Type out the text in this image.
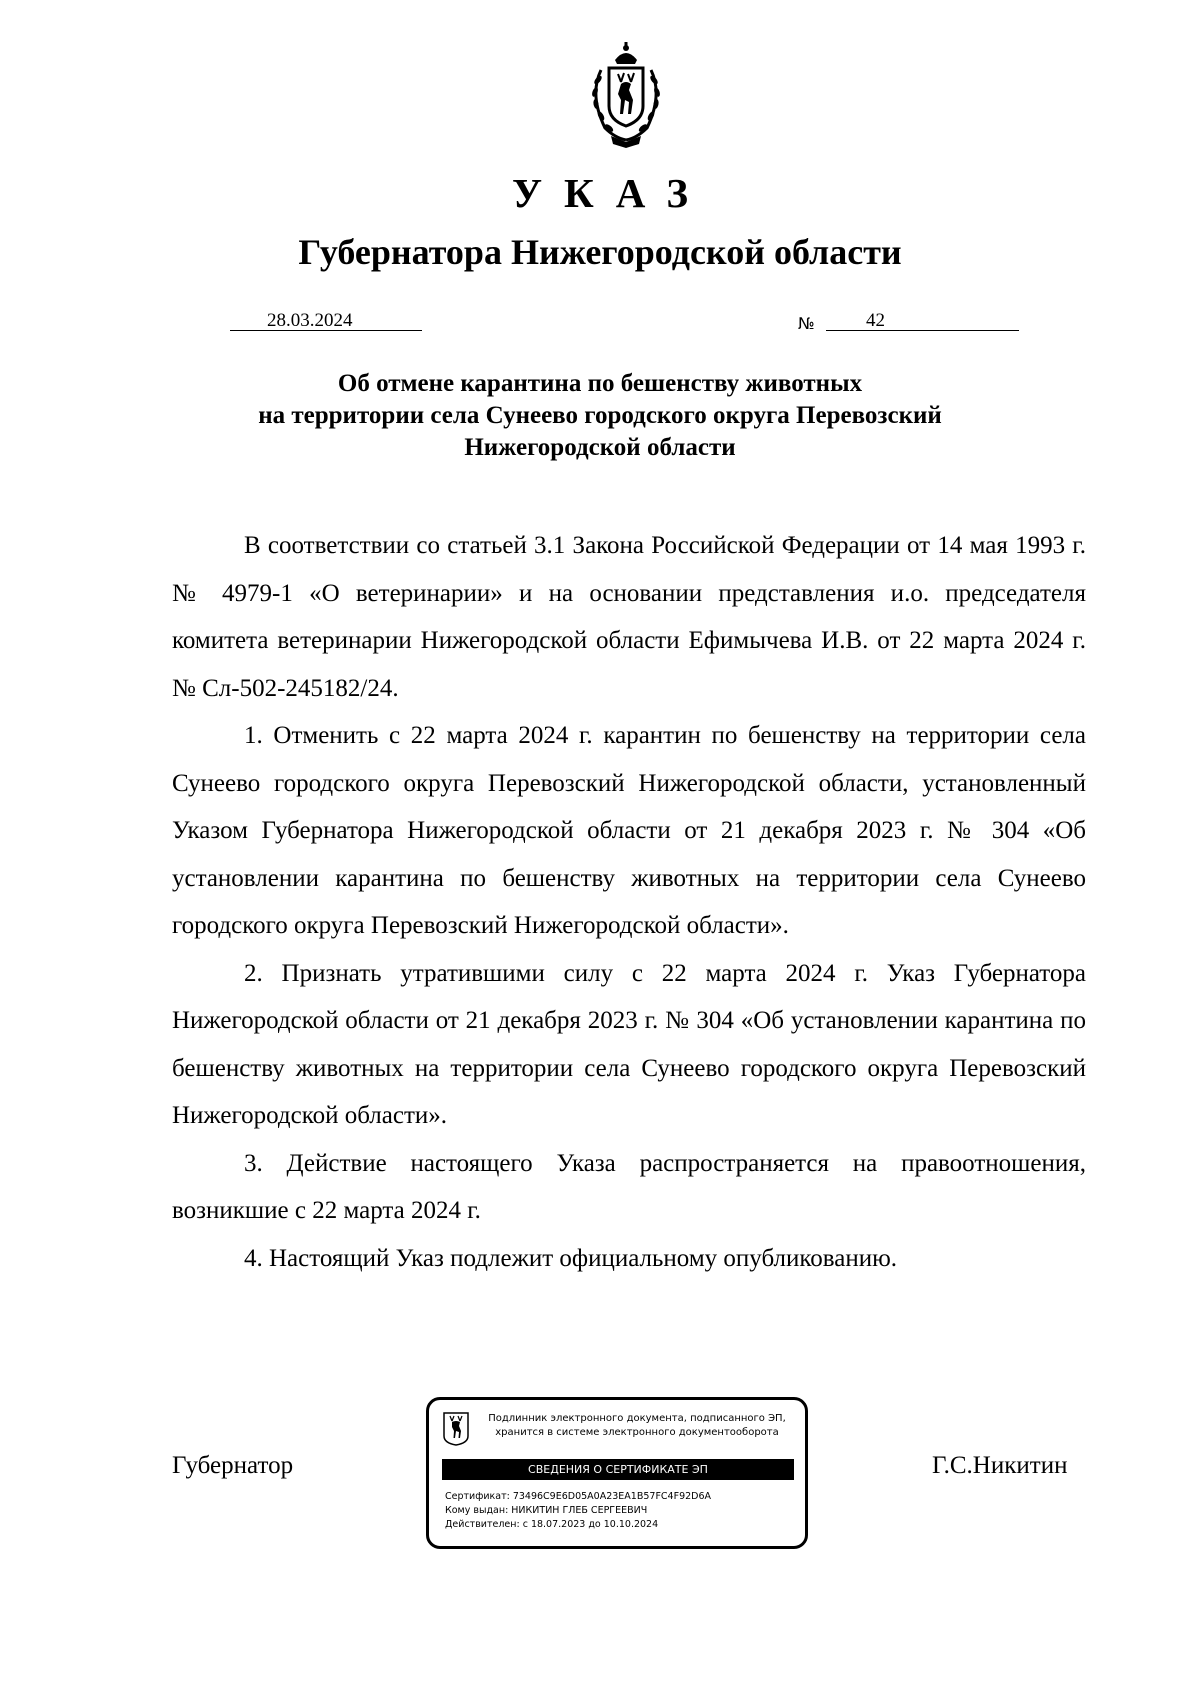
УКАЗ
Губернатора Нижегородской области
28.03.2024	№	42
Об отмене карантина по бешенству животных
на территории села Сунеево городского округа Перевозский
Нижегородской области

В соответствии со статьей 3.1 Закона Российской Федерации от 14 мая 1993 г. № 4979-1 «О ветеринарии» и на основании представления и.о. председателя комитета ветеринарии Нижегородской области Ефимычева И.В. от 22 марта 2024 г. № Сл-502-245182/24.

1. Отменить с 22 марта 2024 г. карантин по бешенству на территории села Сунеево городского округа Перевозский Нижегородской области, установленный Указом Губернатора Нижегородской области от 21 декабря 2023 г. № 304 «Об установлении карантина по бешенству животных на территории села Сунеево городского округа Перевозский Нижегородской области».

2. Признать утратившими силу с 22 марта 2024 г. Указ Губернатора Нижегородской области от 21 декабря 2023 г. № 304 «Об установлении карантина по бешенству животных на территории села Сунеево городского округа Перевозский Нижегородской области».

3. Действие настоящего Указа распространяется на правоотношения, возникшие с 22 марта 2024 г.

4. Настоящий Указ подлежит официальному опубликованию.

Губернатор	Г.С.Никитин
Подлинник электронного документа, подписанного ЭП,
хранится в системе электронного документооборота
СВЕДЕНИЯ О СЕРТИФИКАТЕ ЭП
Сертификат: 73496C9E6D05A0A23EA1B57FC4F92D6A
Кому выдан: НИКИТИН ГЛЕБ СЕРГЕЕВИЧ
Действителен: с 18.07.2023 до 10.10.2024
